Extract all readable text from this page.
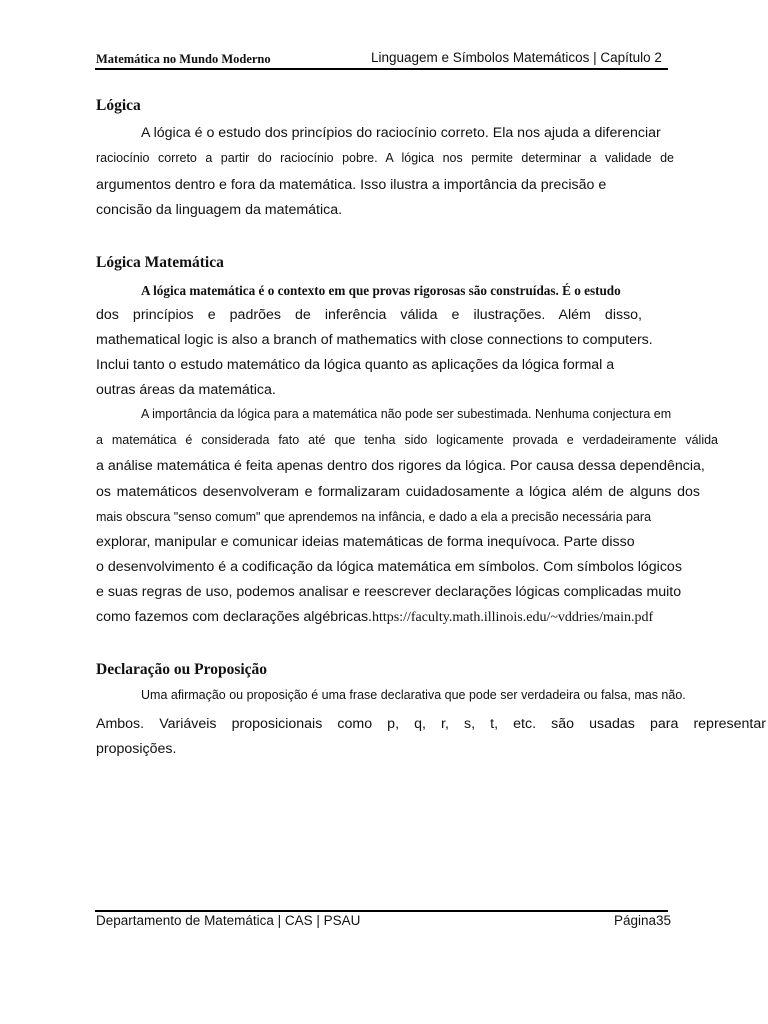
Matemática no Mundo Moderno	Linguagem e Símbolos Matemáticos | Capítulo 2
Lógica
A lógica é o estudo dos princípios do raciocínio correto. Ela nos ajuda a diferenciar
raciocínio correto a partir do raciocínio pobre. A lógica nos permite determinar a validade de
argumentos dentro e fora da matemática. Isso ilustra a importância da precisão e
concisão da linguagem da matemática.
Lógica Matemática
A lógica matemática é o contexto em que provas rigorosas são construídas. É o estudo
dos princípios e padrões de inferência válida e ilustrações. Além disso,
mathematical logic is also a branch of mathematics with close connections to computers.
Inclui tanto o estudo matemático da lógica quanto as aplicações da lógica formal a
outras áreas da matemática.
A importância da lógica para a matemática não pode ser subestimada. Nenhuma conjectura em
a matemática é considerada fato até que tenha sido logicamente provada e verdadeiramente válida
a análise matemática é feita apenas dentro dos rigores da lógica. Por causa dessa dependência,
os matemáticos desenvolveram e formalizaram cuidadosamente a lógica além de alguns dos
mais obscura "senso comum" que aprendemos na infância, e dado a ela a precisão necessária para
explorar, manipular e comunicar ideias matemáticas de forma inequívoca. Parte disso
o desenvolvimento é a codificação da lógica matemática em símbolos. Com símbolos lógicos
e suas regras de uso, podemos analisar e reescrever declarações lógicas complicadas muito
como fazemos com declarações algébricas.https://faculty.math.illinois.edu/~vddries/main.pdf
Declaração ou Proposição
Uma afirmação ou proposição é uma frase declarativa que pode ser verdadeira ou falsa, mas não.
Ambos. Variáveis proposicionais como p, q, r, s, t, etc. são usadas para representar
proposições.
Departamento de Matemática | CAS | PSAU	Página35
